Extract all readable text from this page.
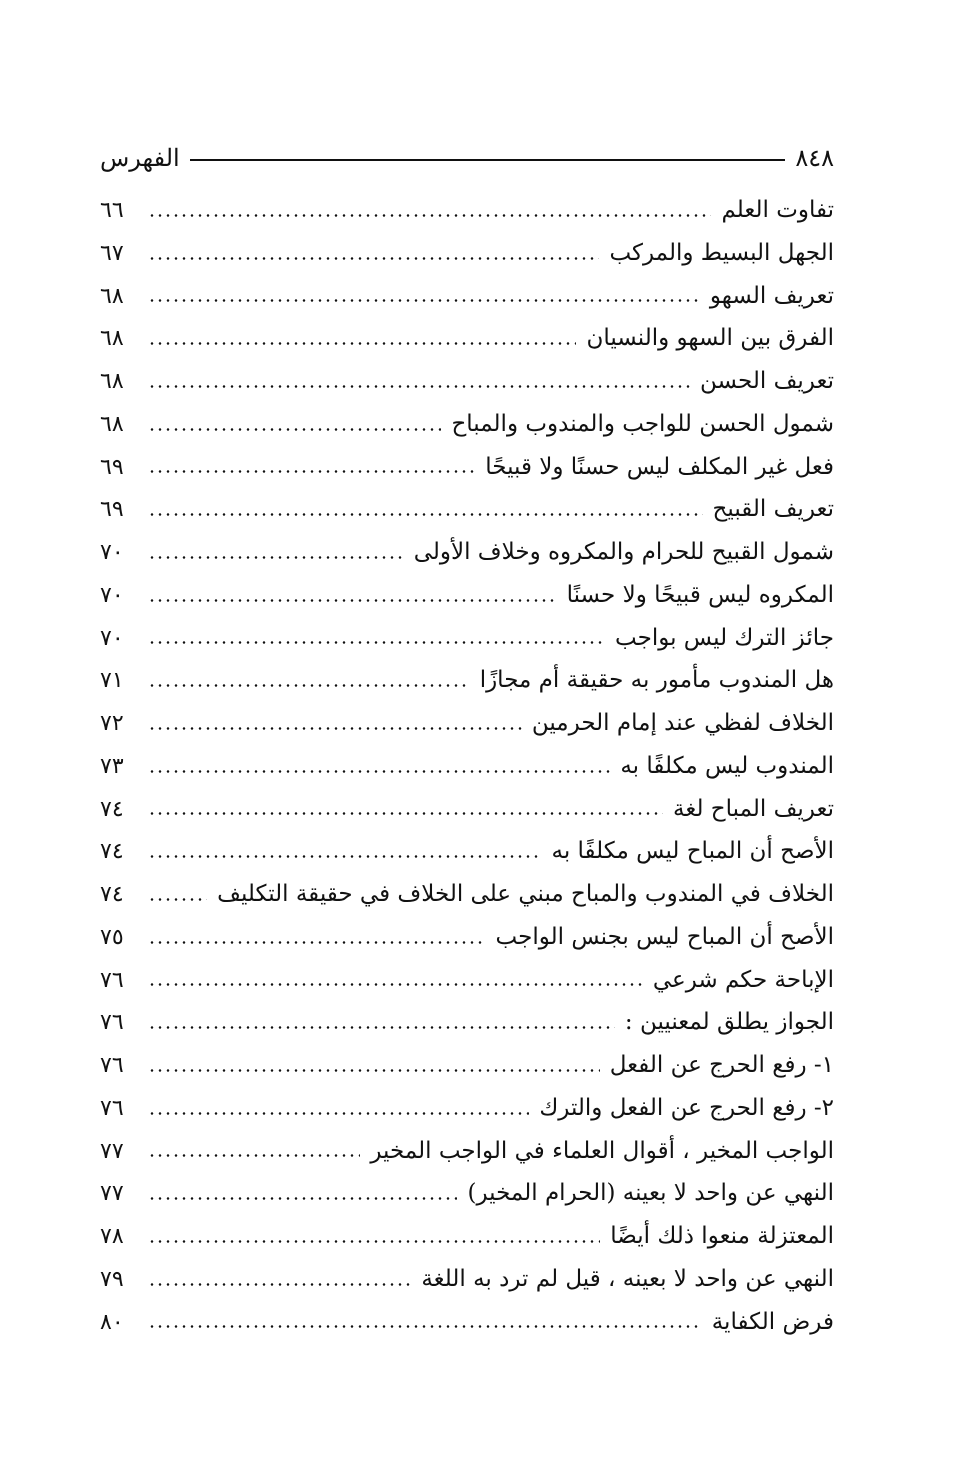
٨٤٨
الفهرس
تفاوت العلم
٦٦
الجهل البسيط والمركب
٦٧
تعريف السهو
٦٨
الفرق بين السهو والنسيان
٦٨
تعريف الحسن
٦٨
شمول الحسن للواجب والمندوب والمباح
٦٨
فعل غير المكلف ليس حسنًا ولا قبيحًا
٦٩
تعريف القبيح
٦٩
شمول القبيح للحرام والمكروه وخلاف الأولى
٧٠
المكروه ليس قبيحًا ولا حسنًا
٧٠
جائز الترك ليس بواجب
٧٠
هل المندوب مأمور به حقيقة أم مجازًا
٧١
الخلاف لفظي عند إمام الحرمين
٧٢
المندوب ليس مكلفًا به
٧٣
تعريف المباح لغة
٧٤
الأصح أن المباح ليس مكلفًا به
٧٤
الخلاف في المندوب والمباح مبني على الخلاف في حقيقة التكليف
٧٤
الأصح أن المباح ليس بجنس الواجب
٧٥
الإباحة حكم شرعي
٧٦
الجواز يطلق لمعنيين :
٧٦
١- رفع الحرج عن الفعل
٧٦
٢- رفع الحرج عن الفعل والترك
٧٦
الواجب المخير ، أقوال العلماء في الواجب المخير
٧٧
النهي عن واحد لا بعينه (الحرام المخير)
٧٧
المعتزلة منعوا ذلك أيضًا
٧٨
النهي عن واحد لا بعينه ، قيل لم ترد به اللغة
٧٩
فرض الكفاية
٨٠
